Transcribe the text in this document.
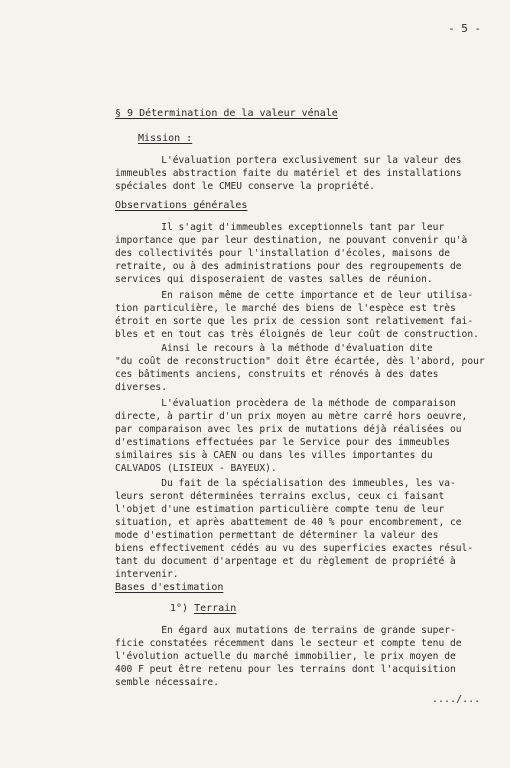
- 5 -
§ 9 Détermination de la valeur vénale
Mission :
L'évaluation portera exclusivement sur la valeur des
immeubles abstraction faite du matériel et des installations
spéciales dont le CMEU conserve la propriété.
Observations générales
Il s'agit d'immeubles exceptionnels tant par leur
importance que par leur destination, ne pouvant convenir qu'à
des collectivités pour l'installation d'écoles, maisons de
retraite, ou à des administrations pour des regroupements de
services qui disposeraient de vastes salles de réunion.
En raison même de cette importance et de leur utilisa-
tion particulière, le marché des biens de l'espèce est très
étroit en sorte que les prix de cession sont relativement fai-
bles et en tout cas très éloignés de leur coût de construction.
Ainsi le recours à la méthode d'évaluation dite
"du coût de reconstruction" doit être écartée, dès l'abord, pour
ces bâtiments anciens, construits et rénovés à des dates
diverses.
L'évaluation procèdera de la méthode de comparaison
directe, à partir d'un prix moyen au mètre carré hors oeuvre,
par comparaison avec les prix de mutations déjà réalisées ou
d'estimations effectuées par le Service pour des immeubles
similaires sis à CAEN ou dans les villes importantes du
CALVADOS (LISIEUX - BAYEUX).
Du fait de la spécialisation des immeubles, les va-
leurs seront déterminées terrains exclus, ceux ci faisant
l'objet d'une estimation particulière compte tenu de leur
situation, et après abattement de 40 % pour encombrement, ce
mode d'estimation permettant de déterminer la valeur des
biens effectivement cédés au vu des superficies exactes résul-
tant du document d'arpentage et du règlement de propriété à
intervenir.
Bases d'estimation
1°) Terrain
En égard aux mutations de terrains de grande super-
ficie constatées récemment dans le secteur et compte tenu de
l'évolution actuelle du marché immobilier, le prix moyen de
400 F peut être retenu pour les terrains dont l'acquisition
semble nécessaire.
..../...
